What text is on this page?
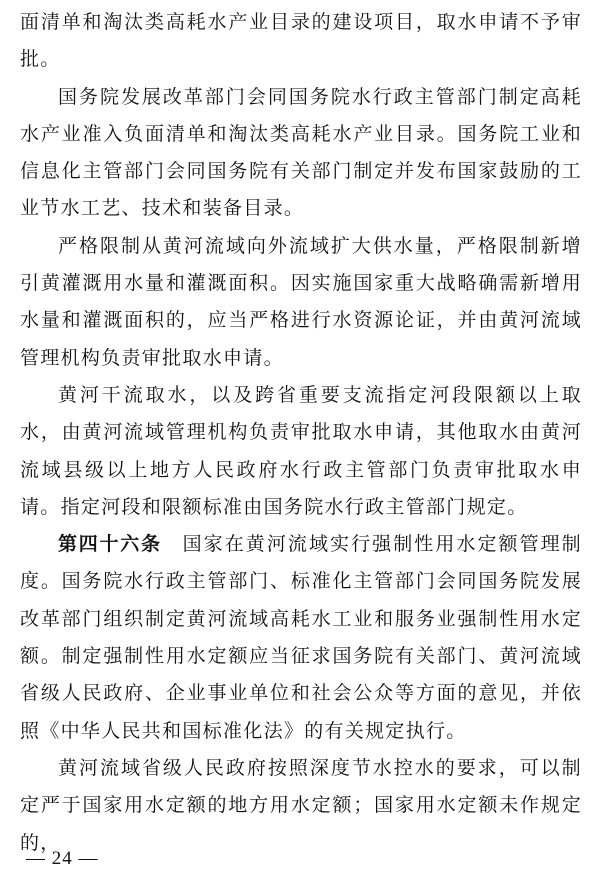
面清单和淘汰类高耗水产业目录的建设项目，取水申请不予审批。

国务院发展改革部门会同国务院水行政主管部门制定高耗水产业准入负面清单和淘汰类高耗水产业目录。国务院工业和信息化主管部门会同国务院有关部门制定并发布国家鼓励的工业节水工艺、技术和装备目录。

严格限制从黄河流域向外流域扩大供水量，严格限制新增引黄灌溉用水量和灌溉面积。因实施国家重大战略确需新增用水量和灌溉面积的，应当严格进行水资源论证，并由黄河流域管理机构负责审批取水申请。

黄河干流取水，以及跨省重要支流指定河段限额以上取水，由黄河流域管理机构负责审批取水申请，其他取水由黄河流域县级以上地方人民政府水行政主管部门负责审批取水申请。指定河段和限额标准由国务院水行政主管部门规定。

第四十六条 国家在黄河流域实行强制性用水定额管理制度。国务院水行政主管部门、标准化主管部门会同国务院发展改革部门组织制定黄河流域高耗水工业和服务业强制性用水定额。制定强制性用水定额应当征求国务院有关部门、黄河流域省级人民政府、企业事业单位和社会公众等方面的意见，并依照《中华人民共和国标准化法》的有关规定执行。

黄河流域省级人民政府按照深度节水控水的要求，可以制定严于国家用水定额的地方用水定额；国家用水定额未作规定的，

— 24 —
